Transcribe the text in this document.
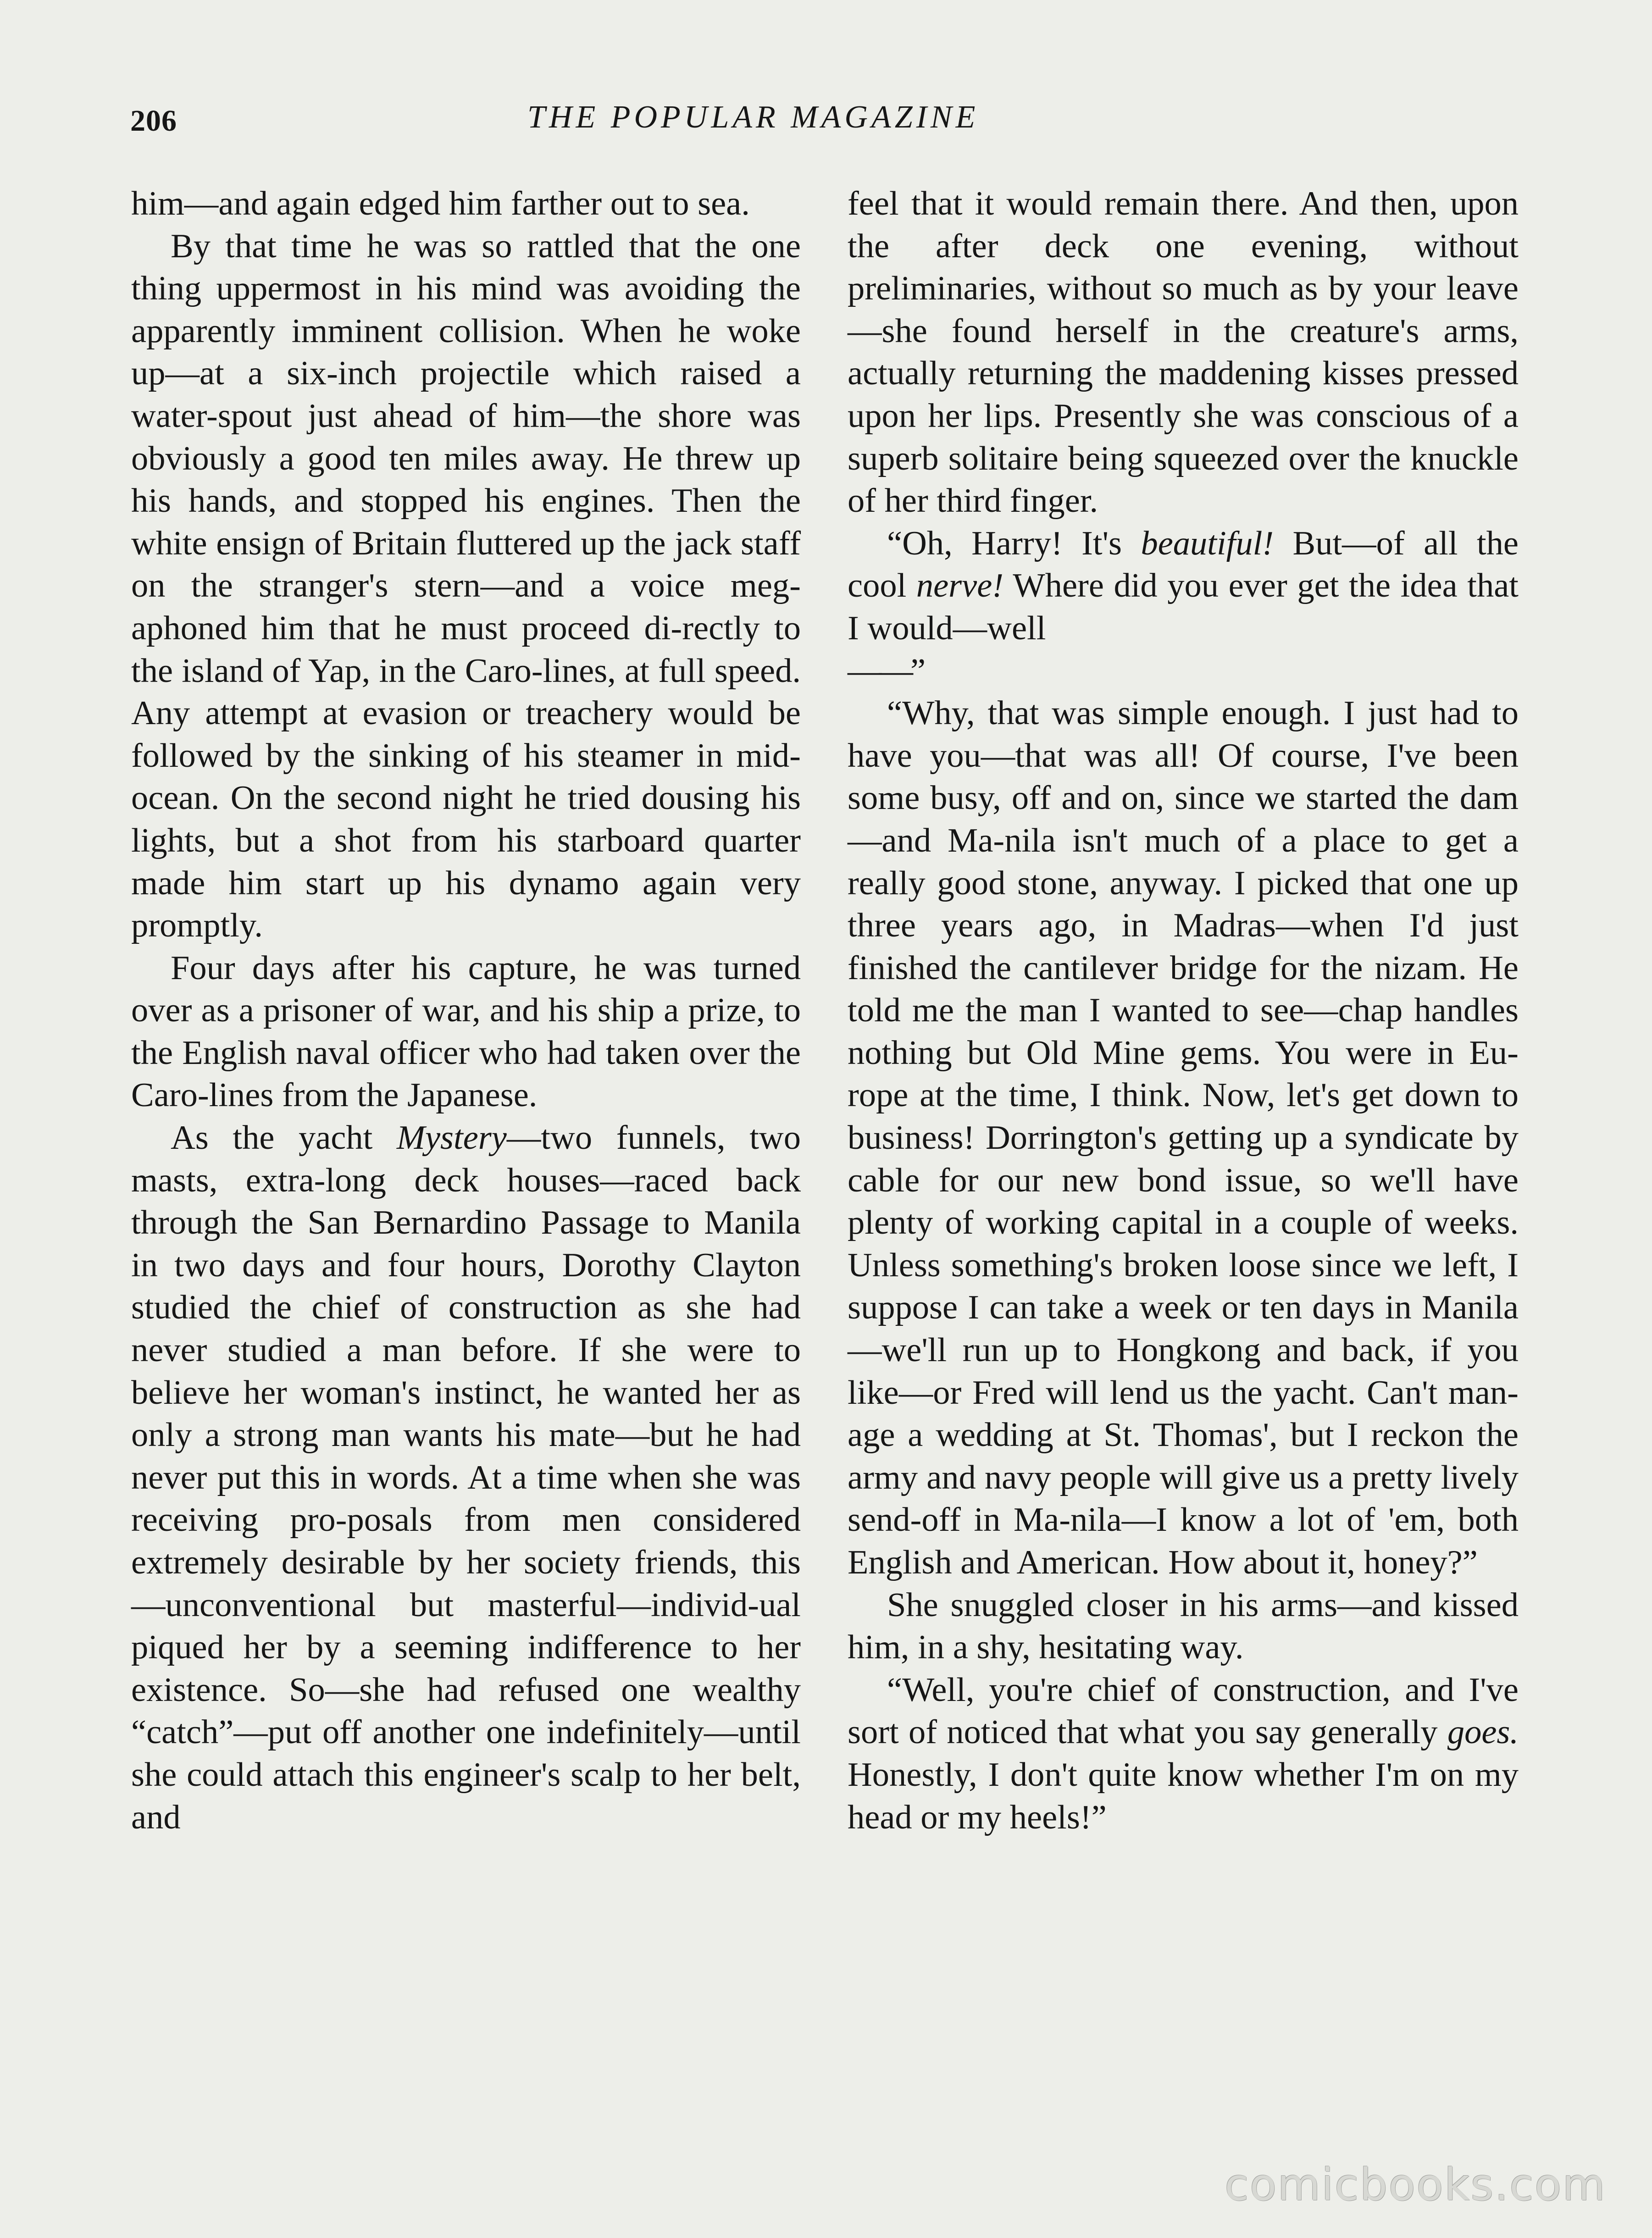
206	THE POPULAR MAGAZINE

him—and again edged him farther out to sea.

By that time he was so rattled that the one thing uppermost in his mind was avoiding the apparently imminent collision. When he woke up—at a six-inch projectile which raised a water-spout just ahead of him—the shore was obviously a good ten miles away. He threw up his hands, and stopped his engines. Then the white ensign of Britain fluttered up the jack staff on the stranger's stern—and a voice meg-aphoned him that he must proceed di-rectly to the island of Yap, in the Caro-lines, at full speed. Any attempt at evasion or treachery would be followed by the sinking of his steamer in mid-ocean. On the second night he tried dousing his lights, but a shot from his starboard quarter made him start up his dynamo again very promptly.

Four days after his capture, he was turned over as a prisoner of war, and his ship a prize, to the English naval officer who had taken over the Caro-lines from the Japanese.

As the yacht Mystery—two funnels, two masts, extra-long deck houses—raced back through the San Bernardino Passage to Manila in two days and four hours, Dorothy Clayton studied the chief of construction as she had never studied a man before. If she were to believe her woman's instinct, he wanted her as only a strong man wants his mate—but he had never put this in words. At a time when she was receiving pro-posals from men considered extremely desirable by her society friends, this—unconventional but masterful—individ-ual piqued her by a seeming indifference to her existence. So—she had refused one wealthy “catch”—put off another one indefinitely—until she could attach this engineer's scalp to her belt, and

feel that it would remain there. And then, upon the after deck one evening, without preliminaries, without so much as by your leave—she found herself in the creature's arms, actually returning the maddening kisses pressed upon her lips. Presently she was conscious of a superb solitaire being squeezed over the knuckle of her third finger.

“Oh, Harry! It's beautiful! But—of all the cool nerve! Where did you ever get the idea that I would—well

——”

“Why, that was simple enough. I just had to have you—that was all! Of course, I've been some busy, off and on, since we started the dam—and Ma-nila isn't much of a place to get a really good stone, anyway. I picked that one up three years ago, in Madras—when I'd just finished the cantilever bridge for the nizam. He told me the man I wanted to see—chap handles nothing but Old Mine gems. You were in Eu-rope at the time, I think. Now, let's get down to business! Dorrington's getting up a syndicate by cable for our new bond issue, so we'll have plenty of working capital in a couple of weeks. Unless something's broken loose since we left, I suppose I can take a week or ten days in Manila—we'll run up to Hongkong and back, if you like—or Fred will lend us the yacht. Can't man-age a wedding at St. Thomas', but I reckon the army and navy people will give us a pretty lively send-off in Ma-nila—I know a lot of 'em, both English and American. How about it, honey?”

She snuggled closer in his arms—and kissed him, in a shy, hesitating way.

“Well, you're chief of construction, and I've sort of noticed that what you say generally goes. Honestly, I don't quite know whether I'm on my head or my heels!”

comicbooks.com
